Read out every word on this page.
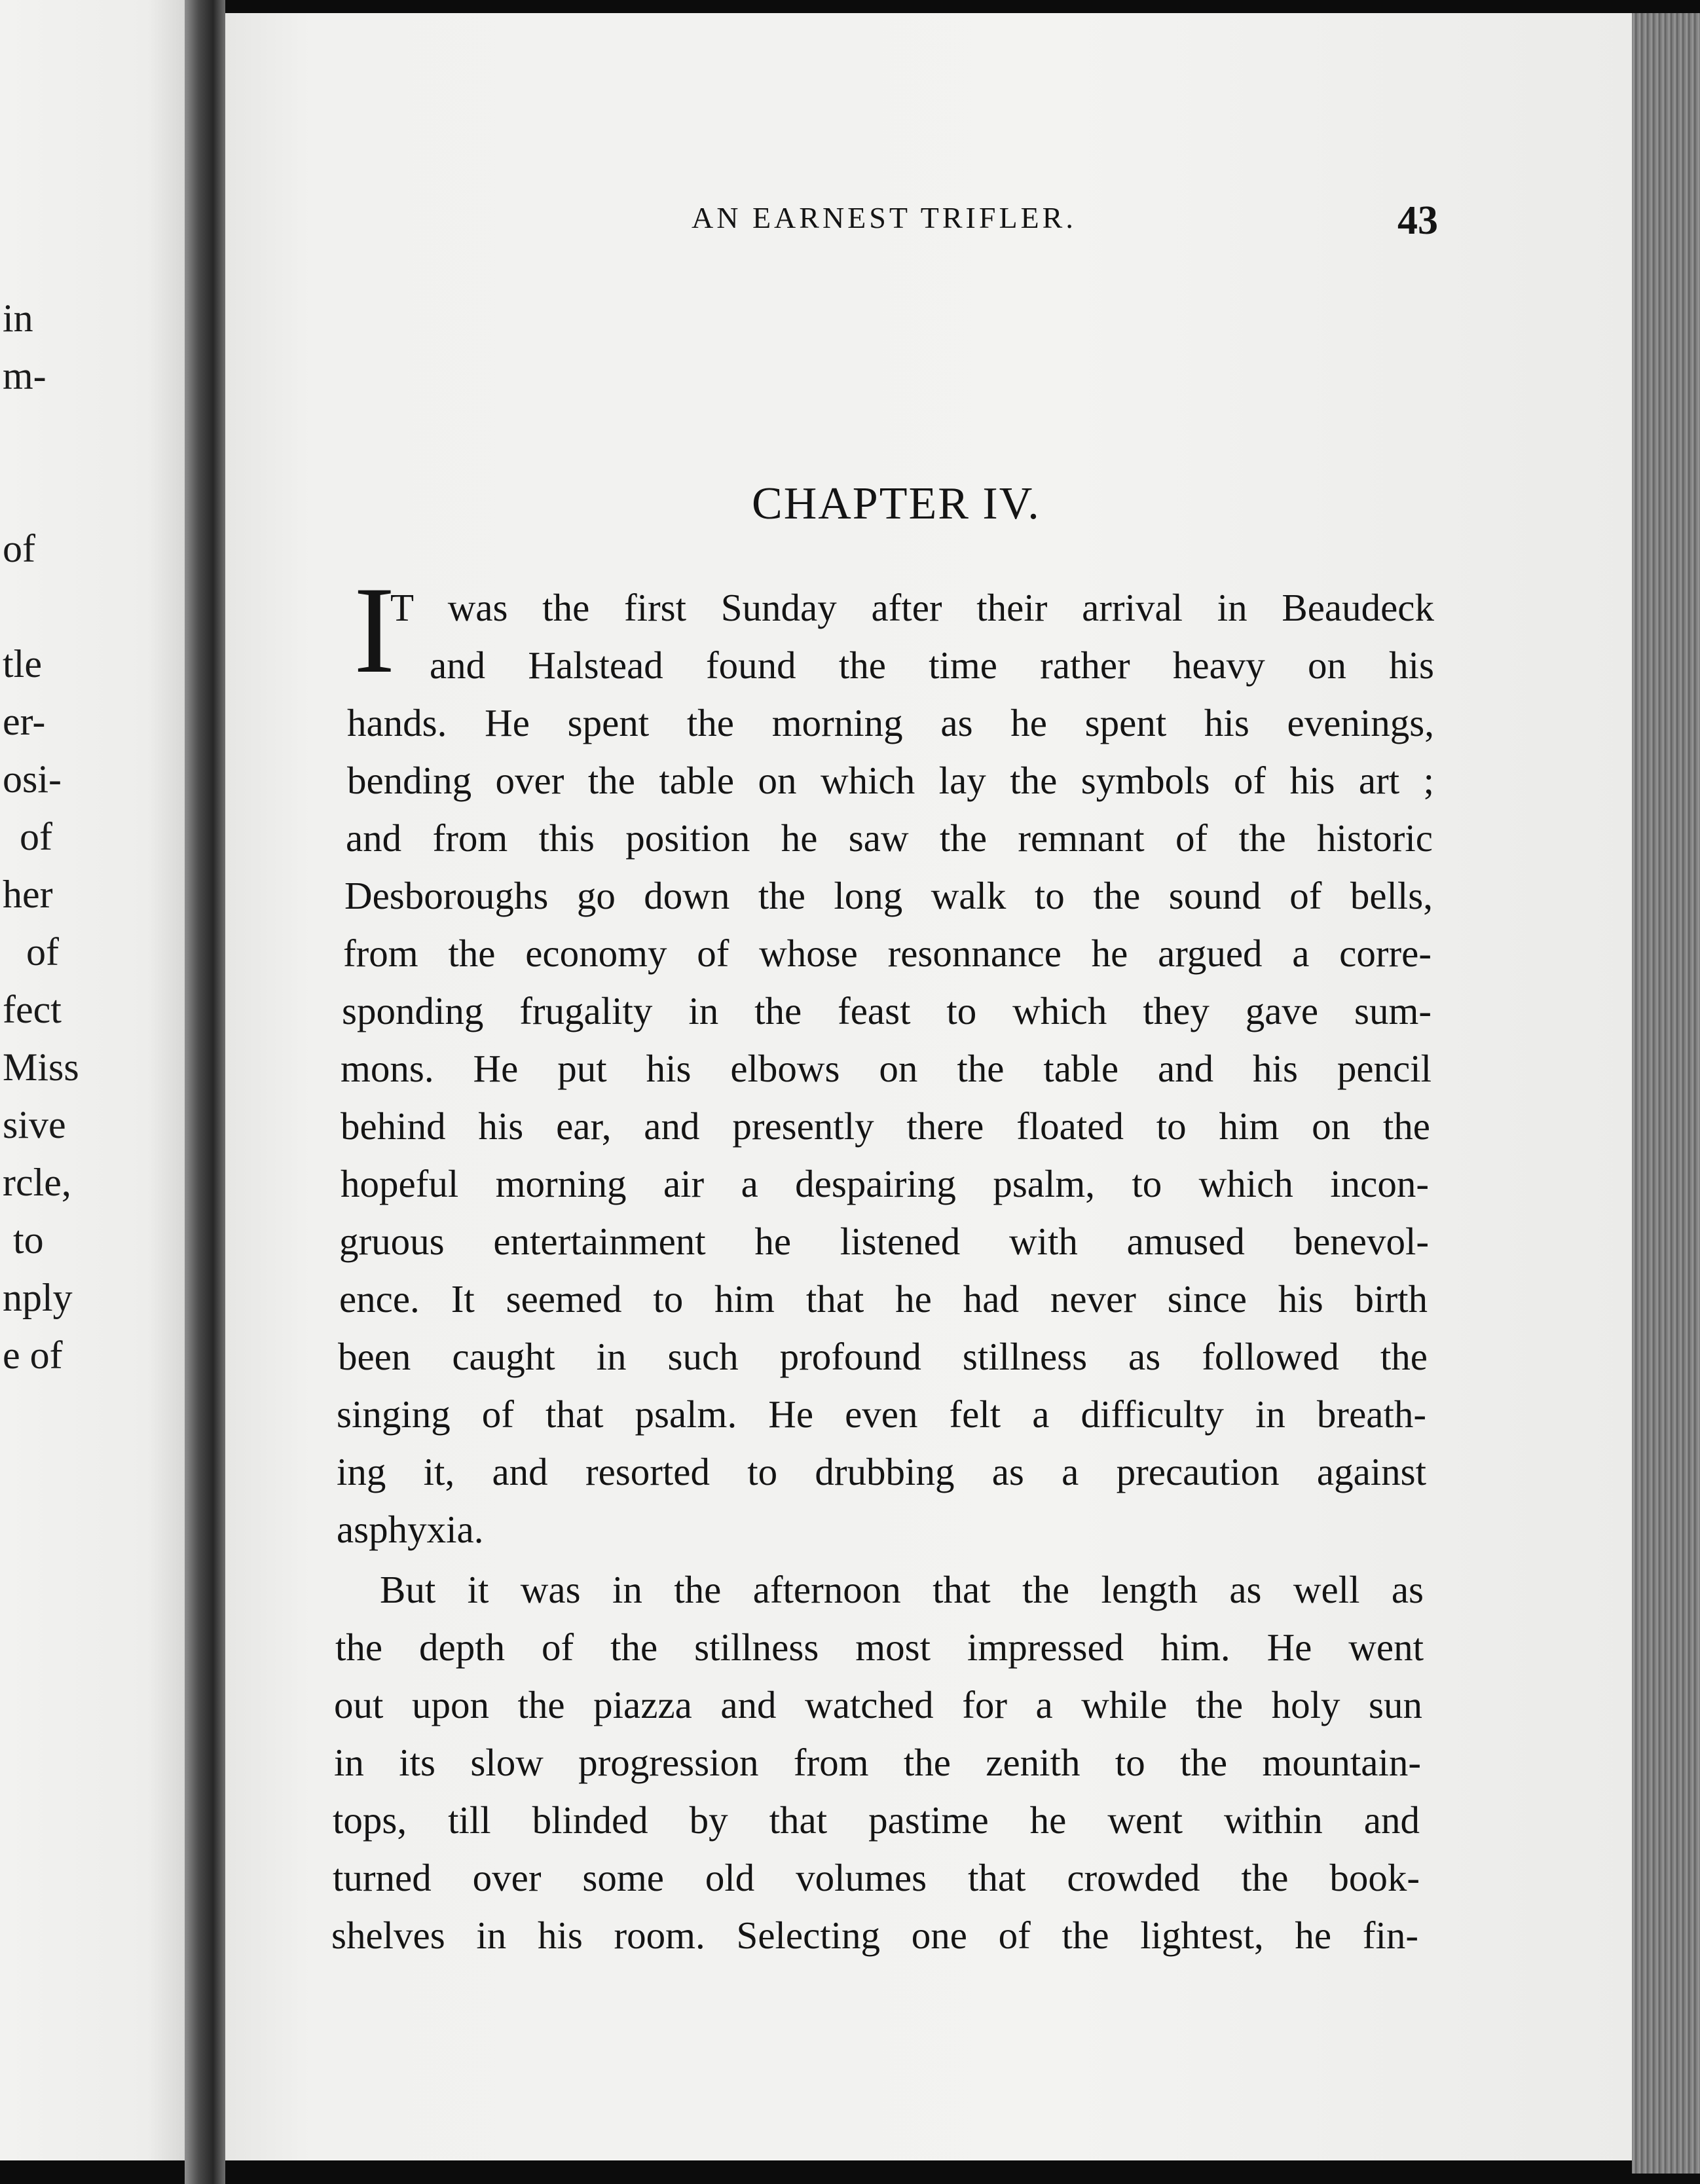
in
m-
of
tle
er-
osi-
of
her
of
fect
Miss
sive
rcle,
to
nply
e of
AN EARNEST TRIFLER.	43
CHAPTER IV.
I
T was the first Sunday after their arrival in Beaudeck
and Halstead found the time rather heavy on his
hands. He spent the morning as he spent his evenings,
bending over the table on which lay the symbols of his art ;
and from this position he saw the remnant of the historic
Desboroughs go down the long walk to the sound of bells,
from the economy of whose resonnance he argued a corre-
sponding frugality in the feast to which they gave sum-
mons. He put his elbows on the table and his pencil
behind his ear, and presently there floated to him on the
hopeful morning air a despairing psalm, to which incon-
gruous entertainment he listened with amused benevol-
ence. It seemed to him that he had never since his birth
been caught in such profound stillness as followed the
singing of that psalm. He even felt a difficulty in breath-
ing it, and resorted to drubbing as a precaution against
asphyxia.
But it was in the afternoon that the length as well as
the depth of the stillness most impressed him. He went
out upon the piazza and watched for a while the holy sun
in its slow progression from the zenith to the mountain-
tops, till blinded by that pastime he went within and
turned over some old volumes that crowded the book-
shelves in his room. Selecting one of the lightest, he fin-
